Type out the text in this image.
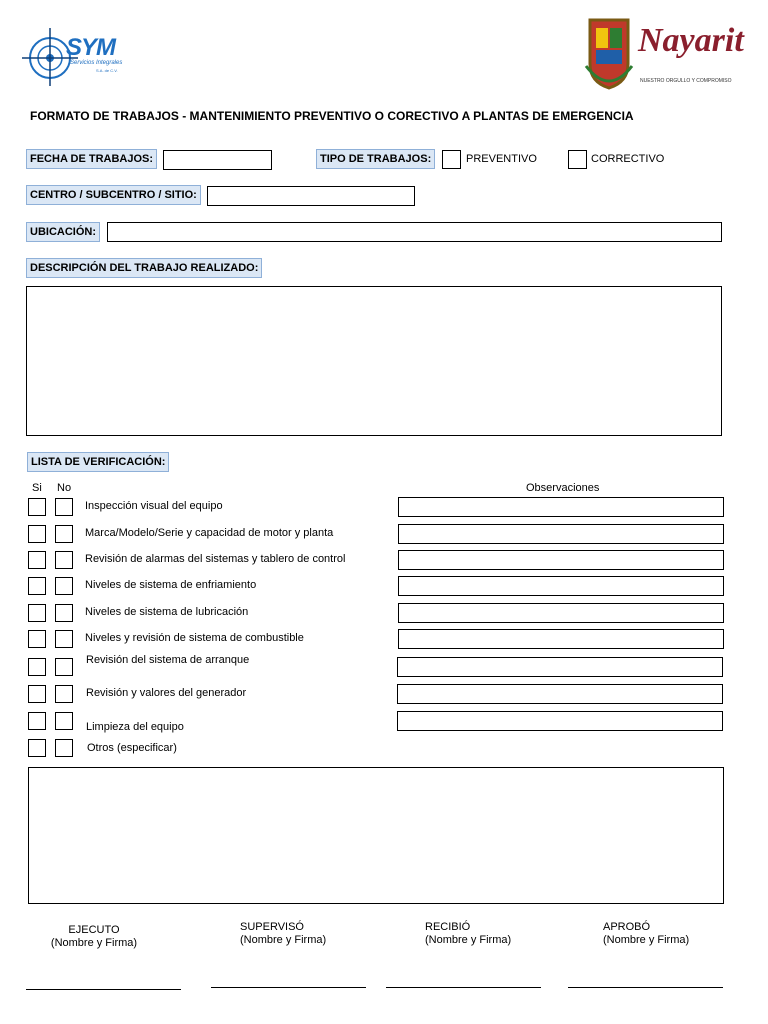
SYM
Servicios Integrales
S.A. de C.V.
Nayarit
NUESTRO ORGULLO Y COMPROMISO
FORMATO DE TRABAJOS - MANTENIMIENTO PREVENTIVO O CORECTIVO A PLANTAS DE EMERGENCIA
FECHA DE TRABAJOS:	TIPO DE TRABAJOS:	PREVENTIVO	CORRECTIVO
CENTRO / SUBCENTRO / SITIO:
UBICACIÓN:
DESCRIPCIÓN DEL TRABAJO REALIZADO:
LISTA DE VERIFICACIÓN:
Si No	Observaciones
Inspección visual del equipo
Marca/Modelo/Serie y capacidad de motor y planta
Revisión de alarmas del sistemas y tablero de control
Niveles de sistema de enfriamiento
Niveles de sistema de lubricación
Niveles y revisión de sistema de combustible
Revisión del sistema de arranque
Revisión y valores del generador
Limpieza del equipo
Otros (especificar)
EJECUTO
(Nombre y Firma)
SUPERVISÓ
(Nombre y Firma)
RECIBIÓ
(Nombre y Firma)
APROBÓ
(Nombre y Firma)
